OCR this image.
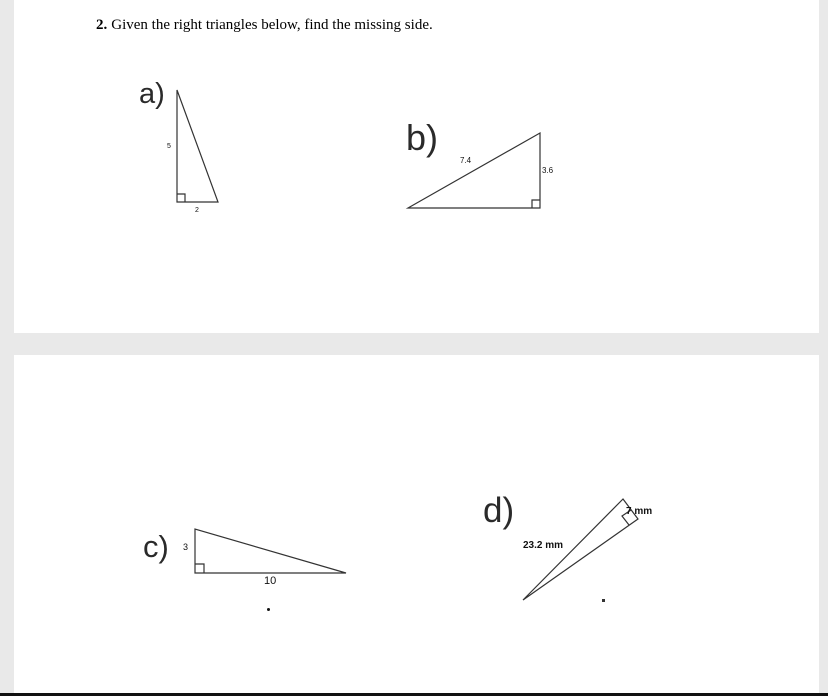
2. Given the right triangles below, find the missing side.
a)
5
2
b)
7.4
3.6
c) 3
10
d)
23.2 mm
7 mm
